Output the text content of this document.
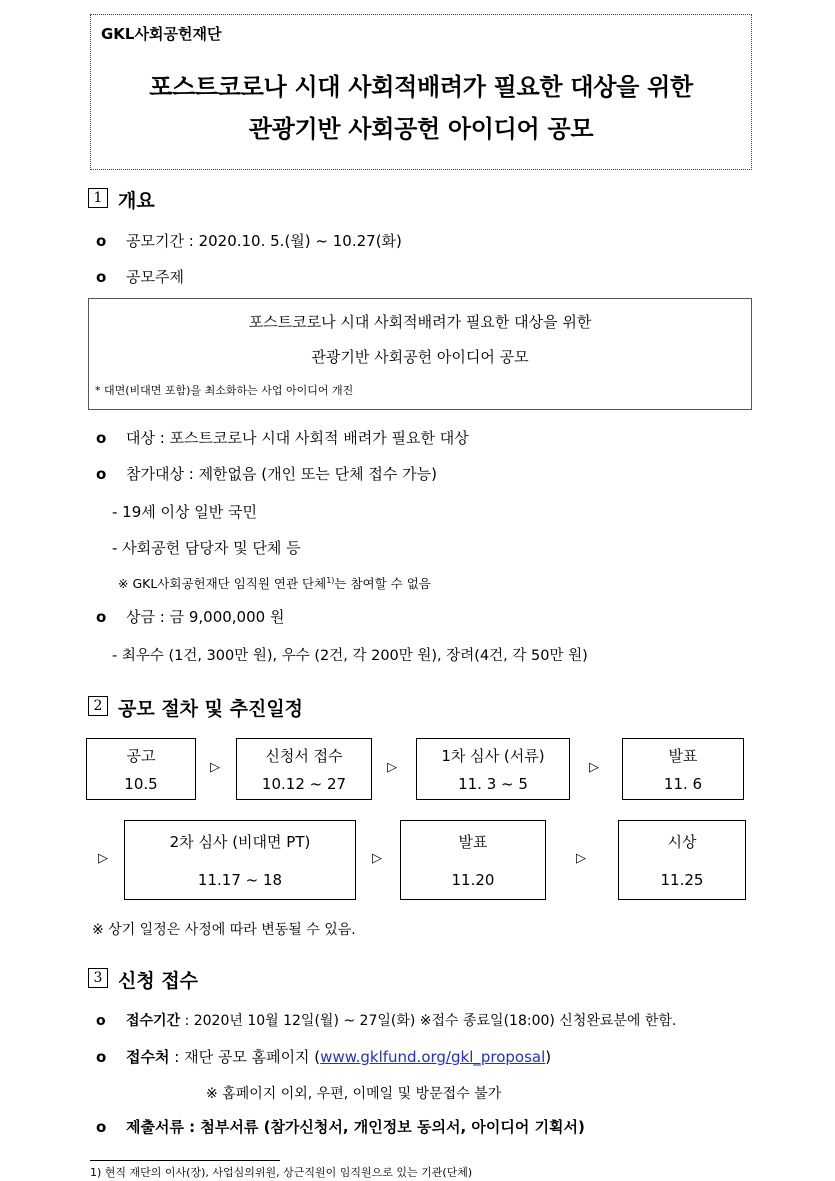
GKL사회공헌재단
포스트코로나 시대 사회적배려가 필요한 대상을 위한
관광기반 사회공헌 아이디어 공모
1 개요
o 공모기간 : 2020.10. 5.(월) ~ 10.27(화)
o 공모주제
포스트코로나 시대 사회적배려가 필요한 대상을 위한
관광기반 사회공헌 아이디어 공모
* 대면(비대면 포함)을 최소화하는 사업 아이디어 개진
o 대상 : 포스트코로나 시대 사회적 배려가 필요한 대상
o 참가대상 : 제한없음 (개인 또는 단체 접수 가능)
- 19세 이상 일반 국민
- 사회공헌 담당자 및 단체 등
※ GKL사회공헌재단 임직원 연관 단체$^{1)}$는 참여할 수 없음
o 상금 : 금 9,000,000 원
- 최우수 (1건, 300만 원), 우수 (2건, 각 200만 원), 장려(4건, 각 50만 원)
2 공모 절차 및 추진일정
공고
10.5
▷
신청서 접수
10.12 ~ 27
▷
1차 심사 (서류)
11. 3 ~ 5
▷
발표
11. 6
▷
2차 심사 (비대면 PT)
11.17 ~ 18
▷
발표
11.20
▷
시상
11.25
※ 상기 일정은 사정에 따라 변동될 수 있음.
3 신청 접수
o 접수기간 : 2020년 10월 12일(월) ~ 27일(화) ※접수 종료일(18:00) 신청완료분에 한함.
o 접수처 : 재단 공모 홈페이지 (www.gklfund.org/gkl_proposal)
※ 홈페이지 이외, 우편, 이메일 및 방문접수 불가
o 제출서류 : 첨부서류 (참가신청서, 개인정보 동의서, 아이디어 기획서)
1) 현직 재단의 이사(장), 사업심의위원, 상근직원이 임직원으로 있는 기관(단체)
